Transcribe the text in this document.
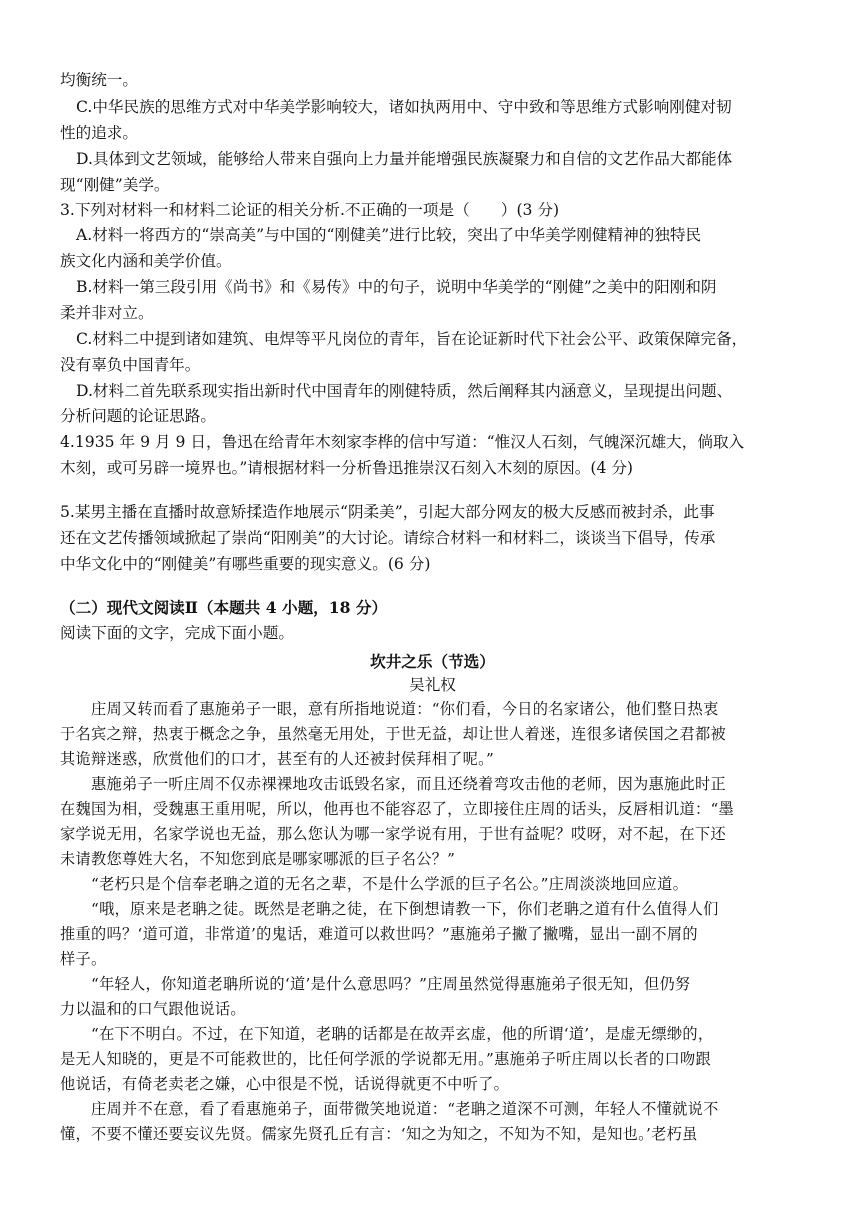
均衡统一。
C.中华民族的思维方式对中华美学影响较大，诸如执两用中、守中致和等思维方式影响刚健对韧
性的追求。
D.具体到文艺领域，能够给人带来自强向上力量并能增强民族凝聚力和自信的文艺作品大都能体
现“刚健”美学。
3.下列对材料一和材料二论证的相关分析.不正确的一项是（　　）(3 分)
A.材料一将西方的“崇高美”与中国的“刚健美”进行比较，突出了中华美学刚健精神的独特民
族文化内涵和美学价值。
B.材料一第三段引用《尚书》和《易传》中的句子，说明中华美学的“刚健”之美中的阳刚和阴
柔并非对立。
C.材料二中提到诸如建筑、电焊等平凡岗位的青年，旨在论证新时代下社会公平、政策保障完备，
没有辜负中国青年。
D.材料二首先联系现实指出新时代中国青年的刚健特质，然后阐释其内涵意义，呈现提出问题、
分析问题的论证思路。
4.1935 年 9 月 9 日，鲁迅在给青年木刻家李桦的信中写道：“惟汉人石刻，气魄深沉雄大，倘取入
木刻，或可另辟一境界也。”请根据材料一分析鲁迅推崇汉石刻入木刻的原因。(4 分)
5.某男主播在直播时故意矫揉造作地展示“阴柔美”，引起大部分网友的极大反感而被封杀，此事
还在文艺传播领域掀起了崇尚“阳刚美”的大讨论。请综合材料一和材料二，谈谈当下倡导，传承
中华文化中的“刚健美”有哪些重要的现实意义。(6 分)
（二）现代文阅读Ⅱ（本题共 4 小题，18 分）
阅读下面的文字，完成下面小题。
坎井之乐（节选）
吴礼权
庄周又转而看了惠施弟子一眼，意有所指地说道：“你们看，今日的名家诸公，他们整日热衷
于名宾之辩，热衷于概念之争，虽然毫无用处，于世无益，却让世人着迷，连很多诸侯国之君都被
其诡辩迷惑，欣赏他们的口才，甚至有的人还被封侯拜相了呢。”
惠施弟子一听庄周不仅赤裸裸地攻击诋毁名家，而且还绕着弯攻击他的老师，因为惠施此时正
在魏国为相，受魏惠王重用呢，所以，他再也不能容忍了，立即接住庄周的话头，反唇相讥道：“墨
家学说无用，名家学说也无益，那么您认为哪一家学说有用，于世有益呢？哎呀，对不起，在下还
未请教您尊姓大名，不知您到底是哪家哪派的巨子名公？”
“老朽只是个信奉老聃之道的无名之辈，不是什么学派的巨子名公。”庄周淡淡地回应道。
“哦，原来是老聃之徒。既然是老聃之徒，在下倒想请教一下，你们老聃之道有什么值得人们
推重的吗？‘道可道，非常道’的鬼话，难道可以救世吗？”惠施弟子撇了撇嘴，显出一副不屑的
样子。
“年轻人，你知道老聃所说的‘道’是什么意思吗？”庄周虽然觉得惠施弟子很无知，但仍努
力以温和的口气跟他说话。
“在下不明白。不过，在下知道，老聃的话都是在故弄玄虚，他的所谓‘道’，是虚无缥缈的，
是无人知晓的，更是不可能救世的，比任何学派的学说都无用。”惠施弟子听庄周以长者的口吻跟
他说话，有倚老卖老之嫌，心中很是不悦，话说得就更不中听了。
庄周并不在意，看了看惠施弟子，面带微笑地说道：“老聃之道深不可测，年轻人不懂就说不
懂，不要不懂还要妄议先贤。儒家先贤孔丘有言：‘知之为知之，不知为不知，是知也。’老朽虽
